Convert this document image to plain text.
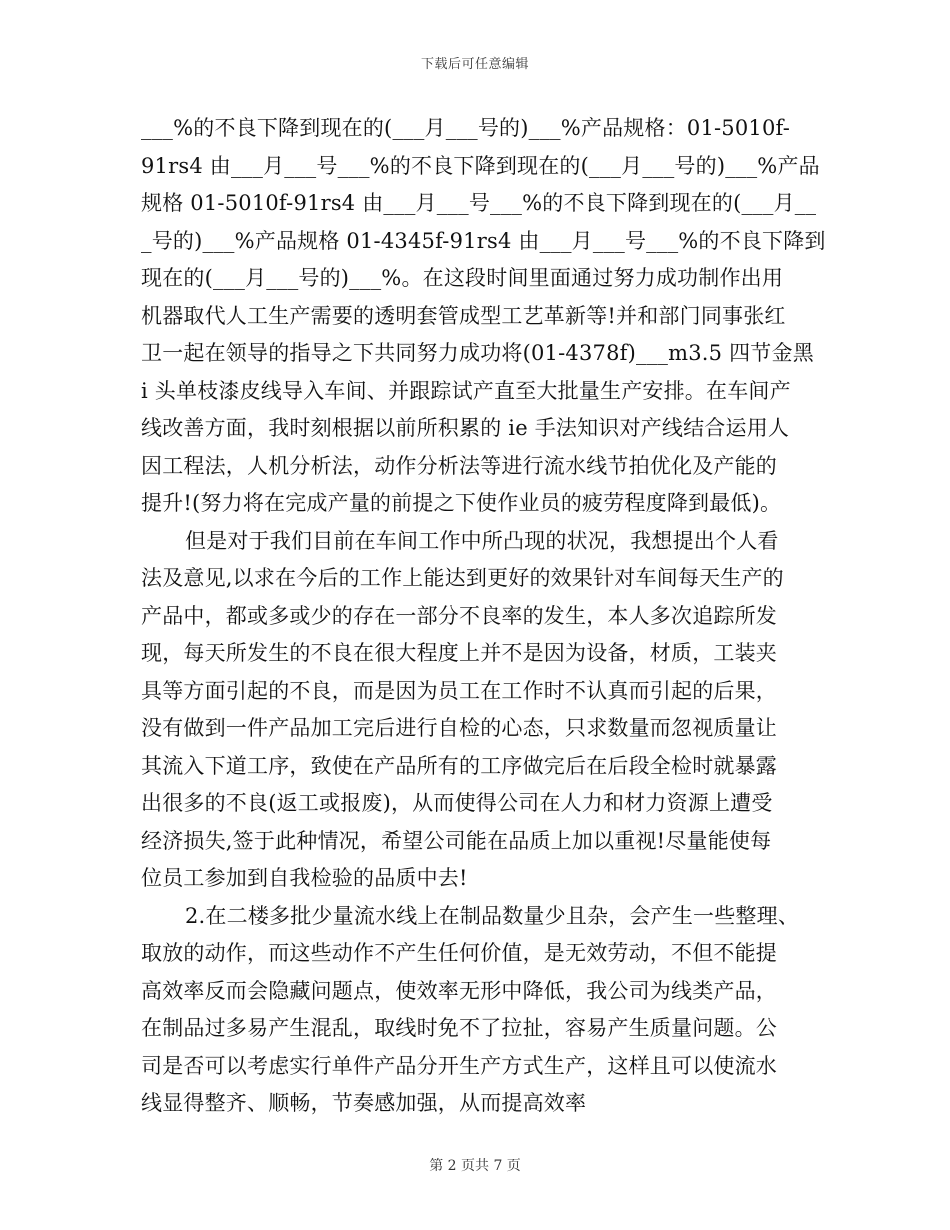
下载后可任意编辑

___%的不良下降到现在的(___月___号的)___%产品规格：01-5010f-
91rs4 由___月___号___%的不良下降到现在的(___月___号的)___%产品
规格 01-5010f-91rs4 由___月___号___%的不良下降到现在的(___月__
_号的)___%产品规格 01-4345f-91rs4 由___月___号___%的不良下降到
现在的(___月___号的)___%。在这段时间里面通过努力成功制作出用
机器取代人工生产需要的透明套管成型工艺革新等!并和部门同事张红
卫一起在领导的指导之下共同努力成功将(01-4378f)___m3.5 四节金黑
i 头单枝漆皮线导入车间、并跟踪试产直至大批量生产安排。在车间产
线改善方面，我时刻根据以前所积累的 ie 手法知识对产线结合运用人
因工程法，人机分析法，动作分析法等进行流水线节拍优化及产能的
提升!(努力将在完成产量的前提之下使作业员的疲劳程度降到最低)。

但是对于我们目前在车间工作中所凸现的状况，我想提出个人看
法及意见,以求在今后的工作上能达到更好的效果针对车间每天生产的
产品中，都或多或少的存在一部分不良率的发生，本人多次追踪所发
现，每天所发生的不良在很大程度上并不是因为设备，材质，工装夹
具等方面引起的不良，而是因为员工在工作时不认真而引起的后果，
没有做到一件产品加工完后进行自检的心态，只求数量而忽视质量让
其流入下道工序，致使在产品所有的工序做完后在后段全检时就暴露
出很多的不良(返工或报废)，从而使得公司在人力和材力资源上遭受
经济损失,签于此种情况，希望公司能在品质上加以重视!尽量能使每
位员工参加到自我检验的品质中去!

2.在二楼多批少量流水线上在制品数量少且杂，会产生一些整理、
取放的动作，而这些动作不产生任何价值，是无效劳动，不但不能提
高效率反而会隐藏问题点，使效率无形中降低，我公司为线类产品，
在制品过多易产生混乱，取线时免不了拉扯，容易产生质量问题。公
司是否可以考虑实行单件产品分开生产方式生产，这样且可以使流水
线显得整齐、顺畅，节奏感加强，从而提高效率

第 2 页共 7 页
